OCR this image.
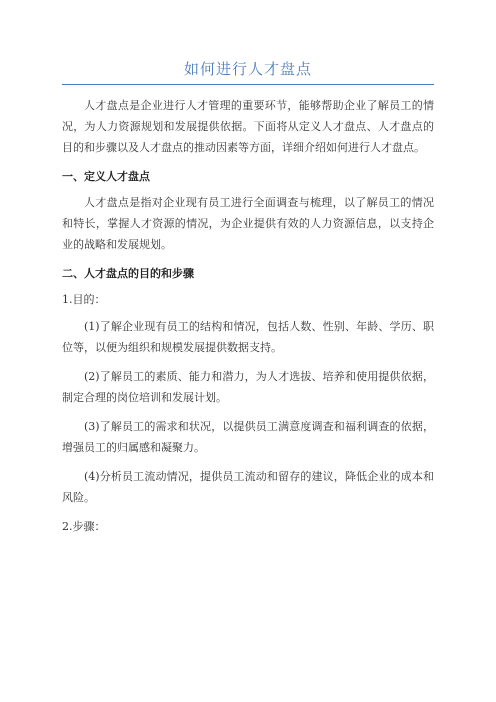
如何进行人才盘点

人才盘点是企业进行人才管理的重要环节，能够帮助企业了解员工的情况，为人力资源规划和发展提供依据。下面将从定义人才盘点、人才盘点的目的和步骤以及人才盘点的推动因素等方面，详细介绍如何进行人才盘点。

一、定义人才盘点

人才盘点是指对企业现有员工进行全面调查与梳理，以了解员工的情况和特长，掌握人才资源的情况，为企业提供有效的人力资源信息，以支持企业的战略和发展规划。

二、人才盘点的目的和步骤
1.目的：

(1)了解企业现有员工的结构和情况，包括人数、性别、年龄、学历、职位等，以便为组织和规模发展提供数据支持。

(2)了解员工的素质、能力和潜力，为人才选拔、培养和使用提供依据，制定合理的岗位培训和发展计划。

(3)了解员工的需求和状况，以提供员工满意度调查和福利调查的依据，增强员工的归属感和凝聚力。

(4)分析员工流动情况，提供员工流动和留存的建议，降低企业的成本和风险。

2.步骤：
